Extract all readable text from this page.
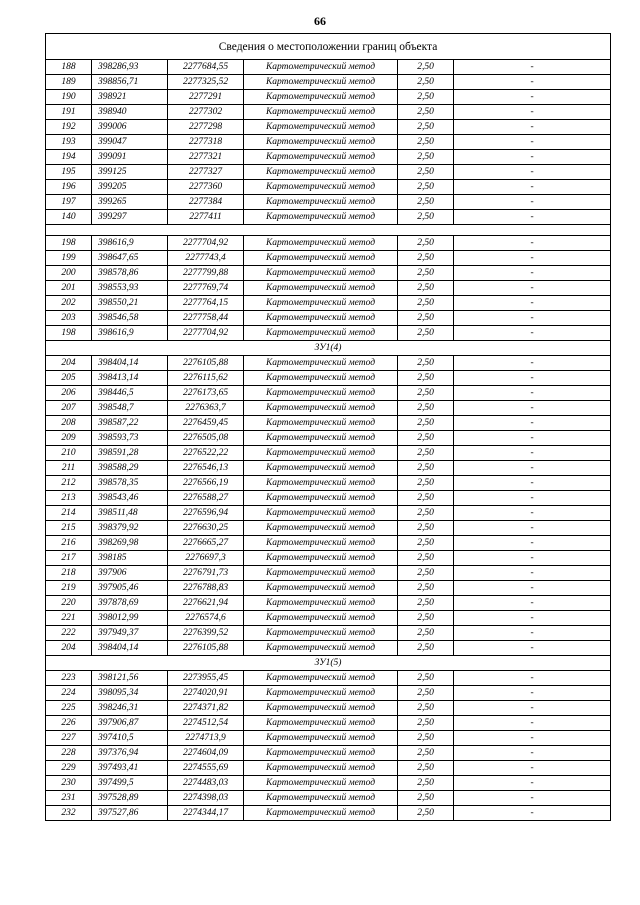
66
Сведения о местоположении границ объекта					
188	398286,93	2277684,55	Картометрический метод	2,50	-
189	398856,71	2277325,52	Картометрический метод	2,50	-
190	398921	2277291	Картометрический метод	2,50	-
191	398940	2277302	Картометрический метод	2,50	-
192	399006	2277298	Картометрический метод	2,50	-
193	399047	2277318	Картометрический метод	2,50	-
194	399091	2277321	Картометрический метод	2,50	-
195	399125	2277327	Картометрический метод	2,50	-
196	399205	2277360	Картометрический метод	2,50	-
197	399265	2277384	Картометрический метод	2,50	-
140	399297	2277411	Картометрический метод	2,50	-

198	398616,9	2277704,92	Картометрический метод	2,50	-
199	398647,65	2277743,4	Картометрический метод	2,50	-
200	398578,86	2277799,88	Картометрический метод	2,50	-
201	398553,93	2277769,74	Картометрический метод	2,50	-
202	398550,21	2277764,15	Картометрический метод	2,50	-
203	398546,58	2277758,44	Картометрический метод	2,50	-
198	398616,9	2277704,92	Картометрический метод	2,50	-
ЗУ1(4)					
204	398404,14	2276105,88	Картометрический метод	2,50	-
205	398413,14	2276115,62	Картометрический метод	2,50	-
206	398446,5	2276173,65	Картометрический метод	2,50	-
207	398548,7	2276363,7	Картометрический метод	2,50	-
208	398587,22	2276459,45	Картометрический метод	2,50	-
209	398593,73	2276505,08	Картометрический метод	2,50	-
210	398591,28	2276522,22	Картометрический метод	2,50	-
211	398588,29	2276546,13	Картометрический метод	2,50	-
212	398578,35	2276566,19	Картометрический метод	2,50	-
213	398543,46	2276588,27	Картометрический метод	2,50	-
214	398511,48	2276596,94	Картометрический метод	2,50	-
215	398379,92	2276630,25	Картометрический метод	2,50	-
216	398269,98	2276665,27	Картометрический метод	2,50	-
217	398185	2276697,3	Картометрический метод	2,50	-
218	397906	2276791,73	Картометрический метод	2,50	-
219	397905,46	2276788,83	Картометрический метод	2,50	-
220	397878,69	2276621,94	Картометрический метод	2,50	-
221	398012,99	2276574,6	Картометрический метод	2,50	-
222	397949,37	2276399,52	Картометрический метод	2,50	-
204	398404,14	2276105,88	Картометрический метод	2,50	-
ЗУ1(5)					
223	398121,56	2273955,45	Картометрический метод	2,50	-
224	398095,34	2274020,91	Картометрический метод	2,50	-
225	398246,31	2274371,82	Картометрический метод	2,50	-
226	397906,87	2274512,54	Картометрический метод	2,50	-
227	397410,5	2274713,9	Картометрический метод	2,50	-
228	397376,94	2274604,09	Картометрический метод	2,50	-
229	397493,41	2274555,69	Картометрический метод	2,50	-
230	397499,5	2274483,03	Картометрический метод	2,50	-
231	397528,89	2274398,03	Картометрический метод	2,50	-
232	397527,86	2274344,17	Картометрический метод	2,50	-
